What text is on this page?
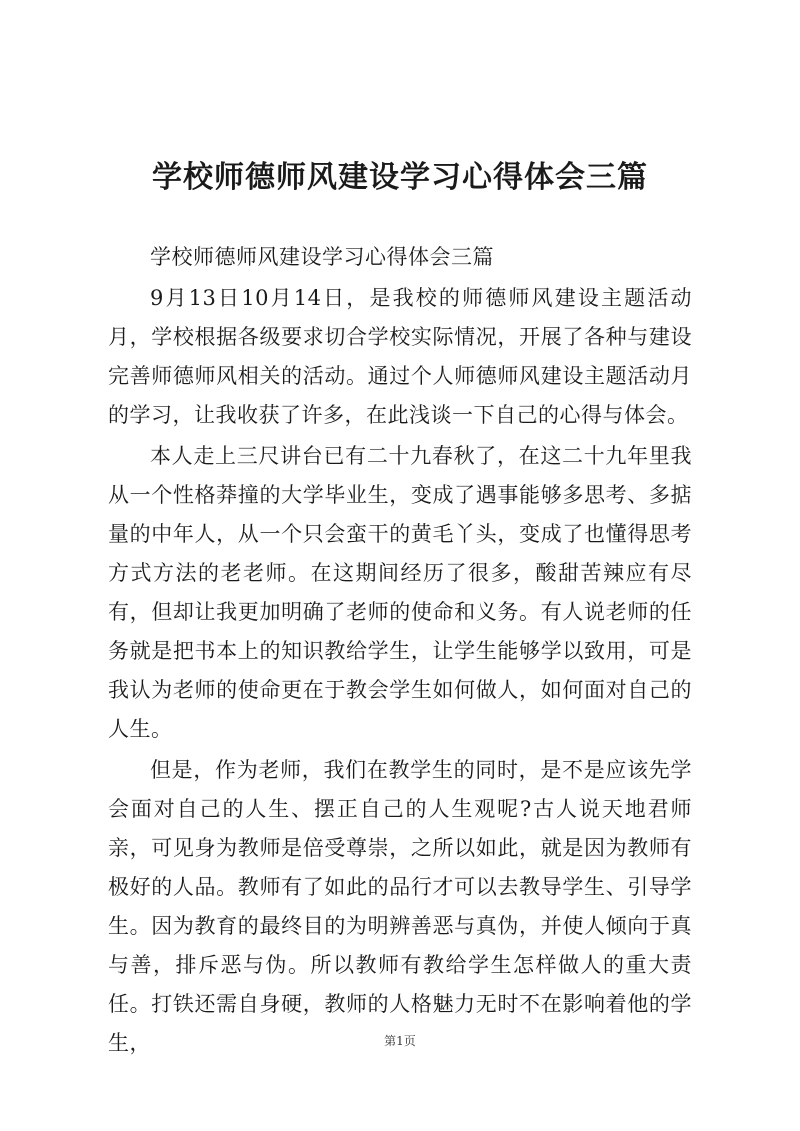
学校师德师风建设学习心得体会三篇

学校师德师风建设学习心得体会三篇

9月13日10月14日，是我校的师德师风建设主题活动月，学校根据各级要求切合学校实际情况，开展了各种与建设完善师德师风相关的活动。通过个人师德师风建设主题活动月的学习，让我收获了许多，在此浅谈一下自己的心得与体会。

本人走上三尺讲台已有二十九春秋了，在这二十九年里我从一个性格莽撞的大学毕业生，变成了遇事能够多思考、多掂量的中年人，从一个只会蛮干的黄毛丫头，变成了也懂得思考方式方法的老老师。在这期间经历了很多，酸甜苦辣应有尽有，但却让我更加明确了老师的使命和义务。有人说老师的任务就是把书本上的知识教给学生，让学生能够学以致用，可是我认为老师的使命更在于教会学生如何做人，如何面对自己的人生。

但是，作为老师，我们在教学生的同时，是不是应该先学会面对自己的人生、摆正自己的人生观呢?古人说天地君师亲，可见身为教师是倍受尊崇，之所以如此，就是因为教师有极好的人品。教师有了如此的品行才可以去教导学生、引导学生。因为教育的最终目的为明辨善恶与真伪，并使人倾向于真与善，排斥恶与伪。所以教师有教给学生怎样做人的重大责任。打铁还需自身硬，教师的人格魅力无时不在影响着他的学生，	第1页
